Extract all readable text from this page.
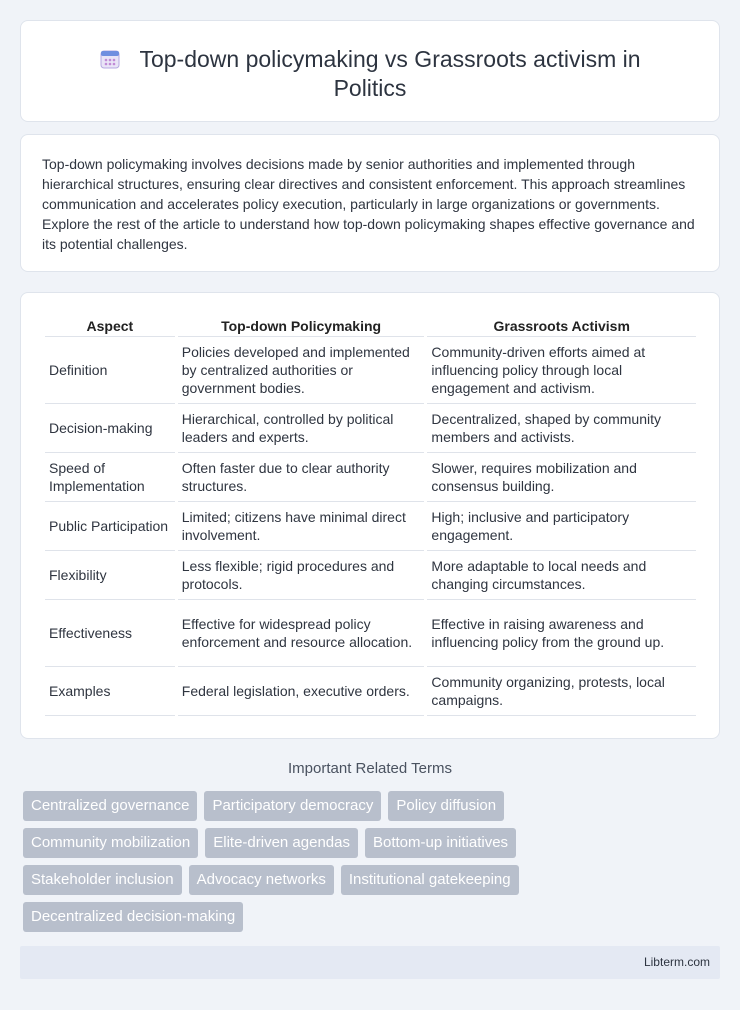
Top-down policymaking vs Grassroots activism in
Politics

Top-down policymaking involves decisions made by senior authorities and implemented through hierarchical structures, ensuring clear directives and consistent enforcement. This approach streamlines communication and accelerates policy execution, particularly in large organizations or governments. Explore the rest of the article to understand how top-down policymaking shapes effective governance and its potential challenges.

Aspect	Top-down Policymaking	Grassroots Activism
Definition	Policies developed and implemented by centralized authorities or government bodies.	Community-driven efforts aimed at influencing policy through local engagement and activism.
Decision-making	Hierarchical, controlled by political leaders and experts.	Decentralized, shaped by community members and activists.
Speed of Implementation	Often faster due to clear authority structures.	Slower, requires mobilization and consensus building.
Public Participation	Limited; citizens have minimal direct involvement.	High; inclusive and participatory engagement.
Flexibility	Less flexible; rigid procedures and protocols.	More adaptable to local needs and changing circumstances.
Effectiveness	Effective for widespread policy enforcement and resource allocation.	Effective in raising awareness and influencing policy from the ground up.
Examples	Federal legislation, executive orders.	Community organizing, protests, local campaigns.
Important Related Terms
Centralized governance	Participatory democracy	Policy diffusion
Community mobilization	Elite-driven agendas	Bottom-up initiatives
Stakeholder inclusion	Advocacy networks	Institutional gatekeeping
Decentralized decision-making
Libterm.com
